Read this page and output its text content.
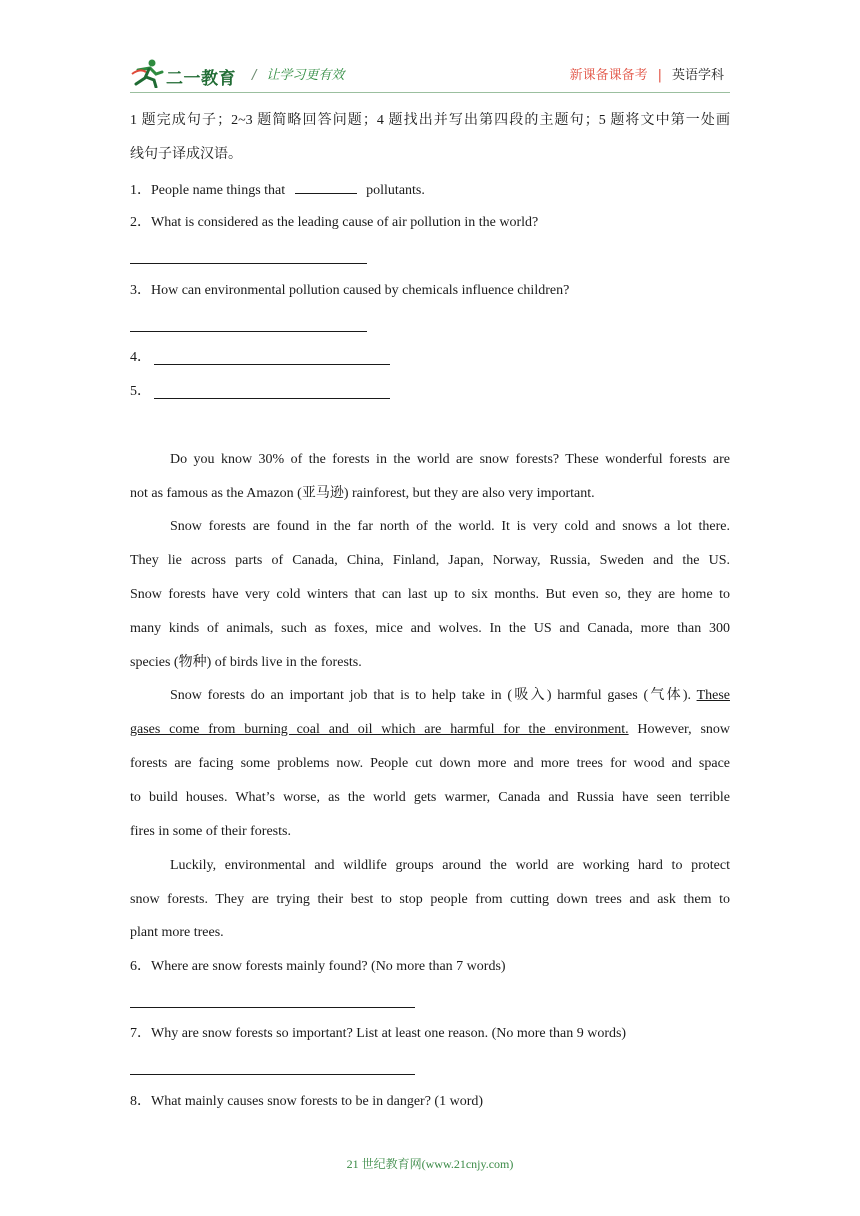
二一教育 / 让学习更有效	新课备课备考 | 英语学科
1 题完成句子；2~3 题简略回答问题；4 题找出并写出第四段的主题句；5 题将文中第一处画
线句子译成汉语。
1．People name things that	pollutants.
2．What is considered as the leading cause of air pollution in the world?
3．How can environmental pollution caused by chemicals influence children?
4．
5．
Do you know 30% of the forests in the world are snow forests? These wonderful forests are
not as famous as the Amazon (亚马逊) rainforest, but they are also very important.
Snow forests are found in the far north of the world. It is very cold and snows a lot there.
They lie across parts of Canada, China, Finland, Japan, Norway, Russia, Sweden and the US.
Snow forests have very cold winters that can last up to six months. But even so, they are home to
many kinds of animals, such as foxes, mice and wolves. In the US and Canada, more than 300
species (物种) of birds live in the forests.
Snow forests do an important job that is to help take in (吸入) harmful gases (气体). These
gases come from burning coal and oil which are harmful for the environment. However, snow
forests are facing some problems now. People cut down more and more trees for wood and space
to build houses. What’s worse, as the world gets warmer, Canada and Russia have seen terrible
fires in some of their forests.
Luckily, environmental and wildlife groups around the world are working hard to protect
snow forests. They are trying their best to stop people from cutting down trees and ask them to
plant more trees.
6．Where are snow forests mainly found? (No more than 7 words)
7．Why are snow forests so important? List at least one reason. (No more than 9 words)
8．What mainly causes snow forests to be in danger? (1 word)
21 世纪教育网(www.21cnjy.com)
